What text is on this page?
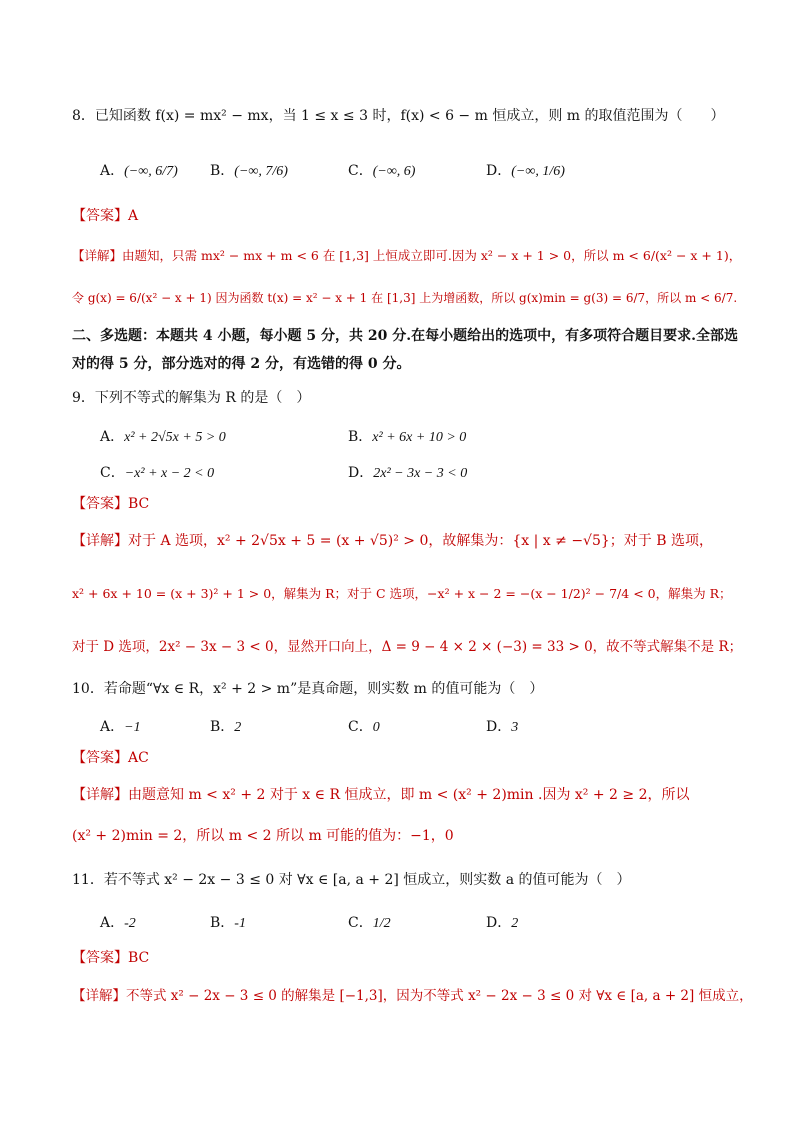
8．已知函数 f(x) = mx² − mx，当 1 ≤ x ≤ 3 时，f(x) < 6 − m 恒成立，则 m 的取值范围为（　　）
A．(−∞, 6/7) B．(−∞, 7/6)	C．(−∞, 6)	D．(−∞, 1/6)
【答案】A
【详解】由题知，只需 mx² − mx + m < 6 在 [1,3] 上恒成立即可.因为 x² − x + 1 > 0，所以 m < 6/(x² − x + 1)，
令 g(x) = 6/(x² − x + 1) 因为函数 t(x) = x² − x + 1 在 [1,3] 上为增函数，所以 g(x)min = g(3) = 6/7，所以 m < 6/7.
二、多选题：本题共 4 小题，每小题 5 分，共 20 分.在每小题给出的选项中，有多项符合题目要求.全部选
对的得 5 分，部分选对的得 2 分，有选错的得 0 分。
9．下列不等式的解集为 R 的是（　）
A．x² + 2√5x + 5 > 0	B．x² + 6x + 10 > 0
C．−x² + x − 2 < 0	D．2x² − 3x − 3 < 0
【答案】BC
【详解】对于 A 选项，x² + 2√5x + 5 = (x + √5)² > 0，故解集为：{x | x ≠ −√5}；对于 B 选项，
x² + 6x + 10 = (x + 3)² + 1 > 0，解集为 R；对于 C 选项，−x² + x − 2 = −(x − 1/2)² − 7/4 < 0，解集为 R；
对于 D 选项，2x² − 3x − 3 < 0，显然开口向上，Δ = 9 − 4 × 2 × (−3) = 33 > 0，故不等式解集不是 R；
10．若命题“∀x ∈ R，x² + 2 > m”是真命题，则实数 m 的值可能为（　）
A．−1	B．2	C．0	D．3
【答案】AC
【详解】由题意知 m < x² + 2 对于 x ∈ R 恒成立，即 m < (x² + 2)min .因为 x² + 2 ≥ 2，所以
(x² + 2)min = 2，所以 m < 2 所以 m 可能的值为：−1，0
11．若不等式 x² − 2x − 3 ≤ 0 对 ∀x ∈ [a, a + 2] 恒成立，则实数 a 的值可能为（　）
A．-2	B．-1	C．1/2	D．2
【答案】BC
【详解】不等式 x² − 2x − 3 ≤ 0 的解集是 [−1,3]，因为不等式 x² − 2x − 3 ≤ 0 对 ∀x ∈ [a, a + 2] 恒成立，
